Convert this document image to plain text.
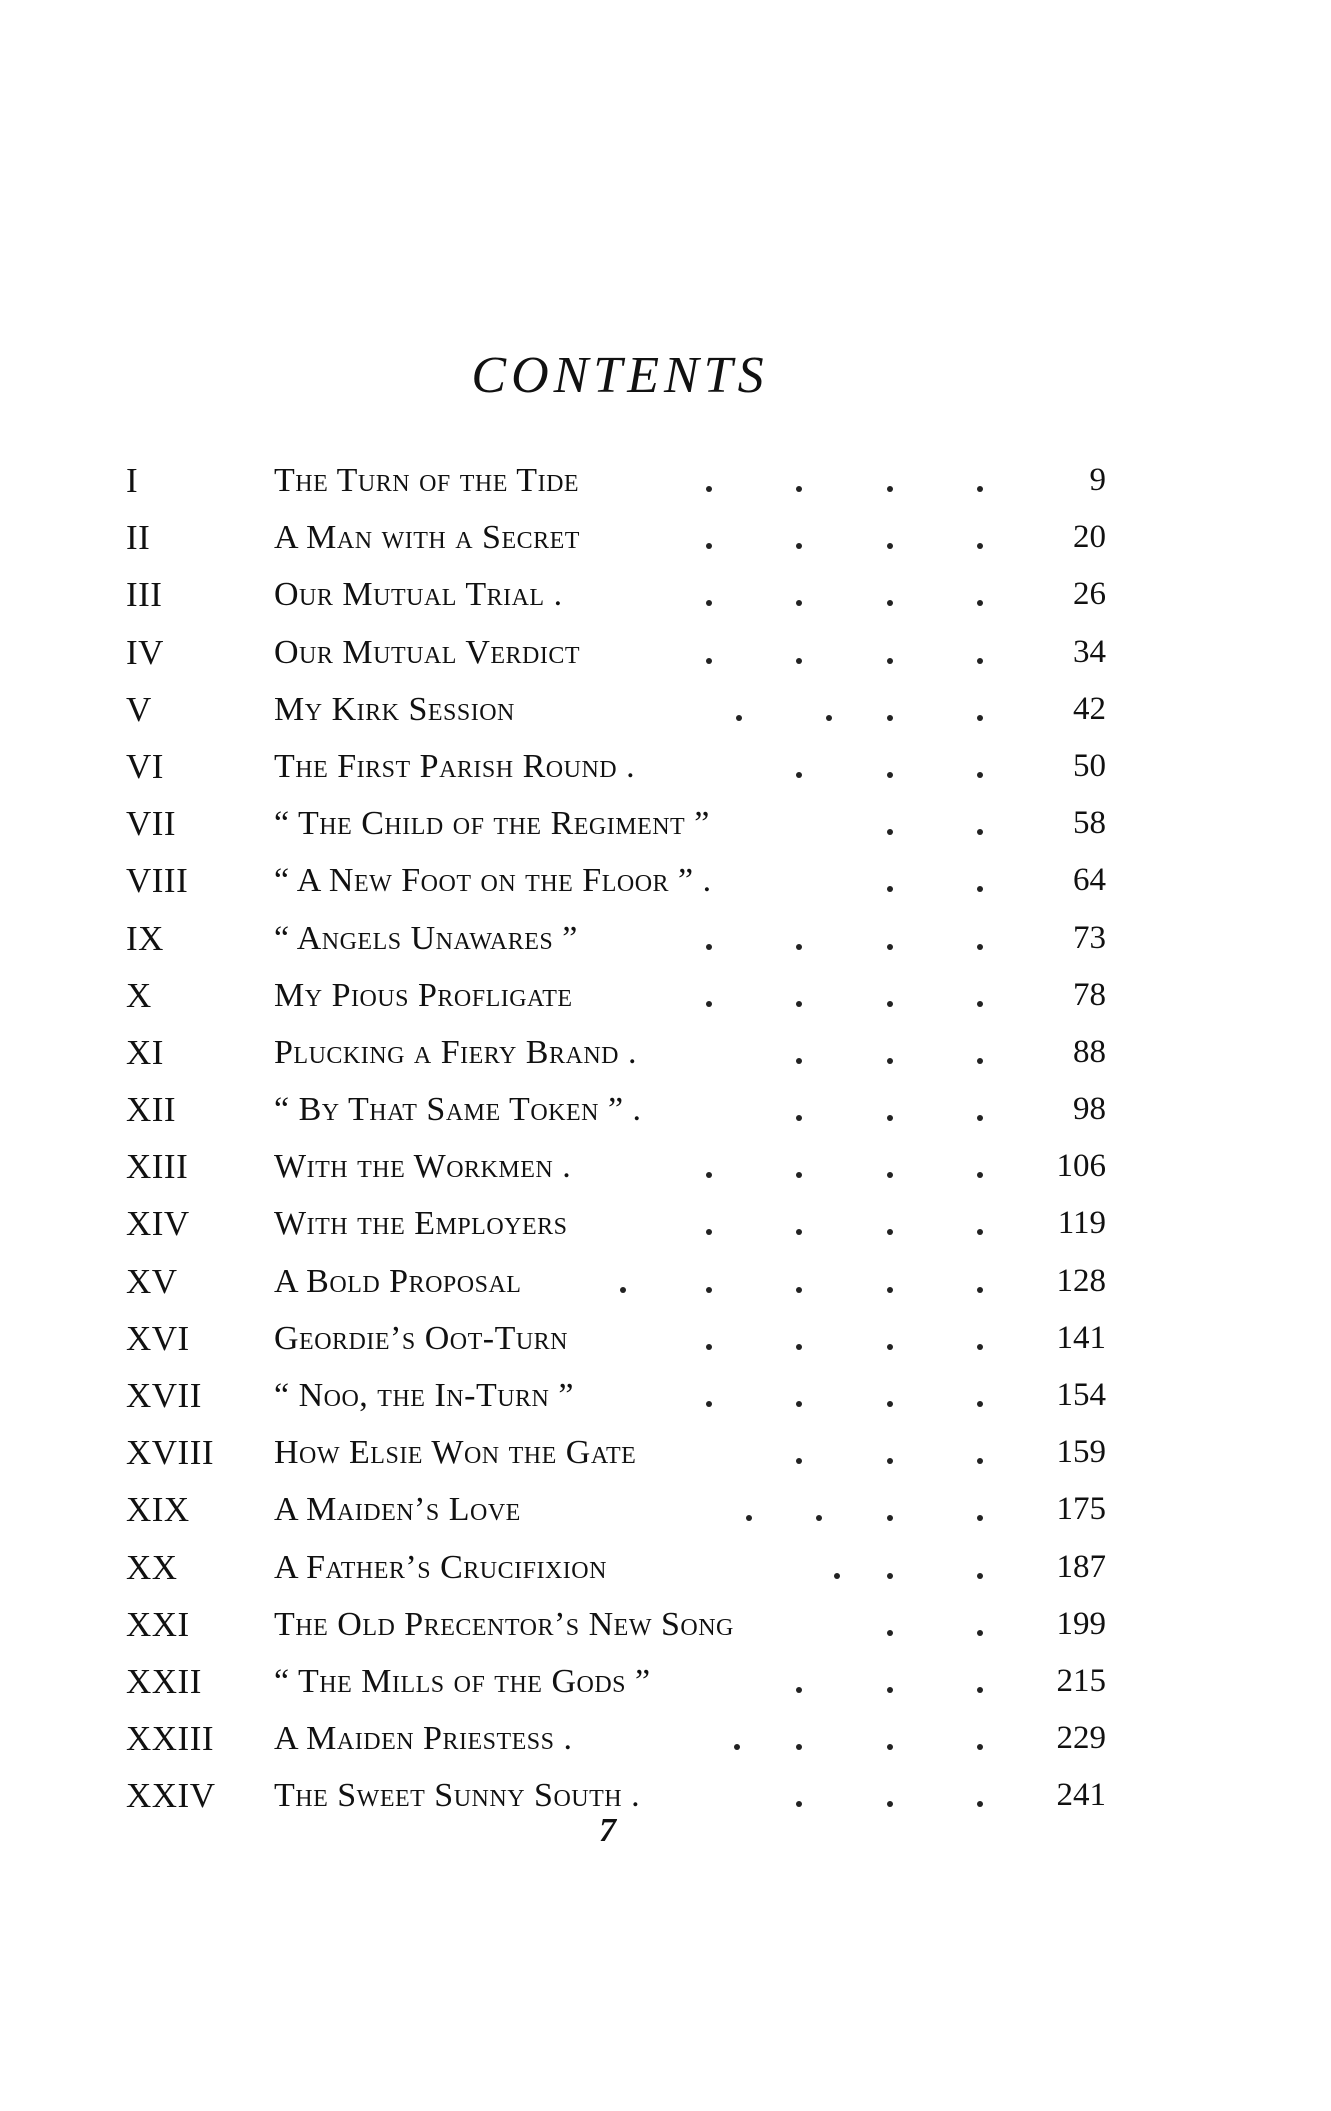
CONTENTS
I	The Turn of the Tide	9
II	A Man with a Secret	20
III	Our Mutual Trial .	26
IV	Our Mutual Verdict	34
V	My Kirk Session	42
VI	The First Parish Round .	50
VII	“ The Child of the Regiment ”	58
VIII	“ A New Foot on the Floor ” .	64
IX	“ Angels Unawares ”	73
X	My Pious Profligate	78
XI	Plucking a Fiery Brand .	88
XII	“ By That Same Token ” .	98
XIII	With the Workmen .	106
XIV With the Employers	119
XV	A Bold Proposal	128
XVI Geordie’s Oot-Turn	141
XVII “ Noo, the In-Turn ”	154
XVIII How Elsie Won the Gate	159
XIX A Maiden’s Love	175
XX	A Father’s Crucifixion	187
XXI The Old Precentor’s New Song	199
XXII “ The Mills of the Gods ”	215
XXIII A Maiden Priestess .	229
XXIV The Sweet Sunny South .	241
7
